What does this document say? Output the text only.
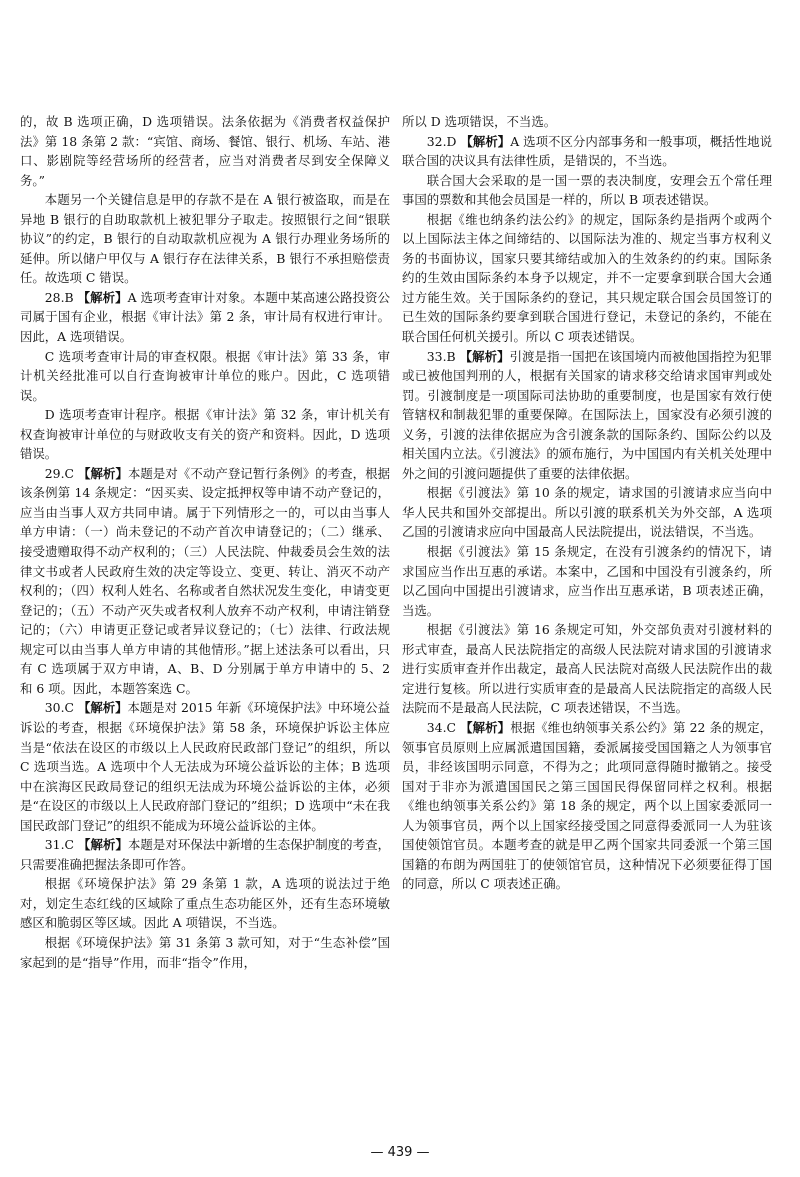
的，故 B 选项正确，D 选项错误。法条依据为《消费者权益保护法》第 18 条第 2 款：“宾馆、商场、餐馆、银行、机场、车站、港口、影剧院等经营场所的经营者，应当对消费者尽到安全保障义务。”

本题另一个关键信息是甲的存款不是在 A 银行被盗取，而是在异地 B 银行的自助取款机上被犯罪分子取走。按照银行之间“银联协议”的约定，B 银行的自动取款机应视为 A 银行办理业务场所的延伸。所以储户甲仅与 A 银行存在法律关系，B 银行不承担赔偿责任。故选项 C 错误。

28.B 【解析】A 选项考查审计对象。本题中某高速公路投资公司属于国有企业，根据《审计法》第 2 条，审计局有权进行审计。因此，A 选项错误。

C 选项考查审计局的审查权限。根据《审计法》第 33 条，审计机关经批准可以自行查询被审计单位的账户。因此，C 选项错误。

D 选项考查审计程序。根据《审计法》第 32 条，审计机关有权查询被审计单位的与财政收支有关的资产和资料。因此，D 选项错误。

29.C 【解析】本题是对《不动产登记暂行条例》的考查，根据该条例第 14 条规定：“因买卖、设定抵押权等申请不动产登记的，应当由当事人双方共同申请。属于下列情形之一的，可以由当事人单方申请：（一）尚未登记的不动产首次申请登记的；（二）继承、接受遗赠取得不动产权利的；（三）人民法院、仲裁委员会生效的法律文书或者人民政府生效的决定等设立、变更、转让、消灭不动产权利的；（四）权利人姓名、名称或者自然状况发生变化，申请变更登记的；（五）不动产灭失或者权利人放弃不动产权利，申请注销登记的；（六）申请更正登记或者异议登记的；（七）法律、行政法规规定可以由当事人单方申请的其他情形。”据上述法条可以看出，只有 C 选项属于双方申请，A、B、D 分别属于单方申请中的 5、2 和 6 项。因此，本题答案选 C。

30.C 【解析】本题是对 2015 年新《环境保护法》中环境公益诉讼的考查，根据《环境保护法》第 58 条，环境保护诉讼主体应当是“依法在设区的市级以上人民政府民政部门登记”的组织，所以 C 选项当选。A 选项中个人无法成为环境公益诉讼的主体；B 选项中在滨海区民政局登记的组织无法成为环境公益诉讼的主体，必须是“在设区的市级以上人民政府部门登记的”组织；D 选项中“未在我国民政部门登记”的组织不能成为环境公益诉讼的主体。

31.C 【解析】本题是对环保法中新增的生态保护制度的考查，只需要准确把握法条即可作答。

根据《环境保护法》第 29 条第 1 款，A 选项的说法过于绝对，划定生态红线的区域除了重点生态功能区外，还有生态环境敏感区和脆弱区等区域。因此 A 项错误，不当选。

根据《环境保护法》第 31 条第 3 款可知，对于“生态补偿”国家起到的是“指导”作用，而非“指令”作用，

所以 D 选项错误，不当选。

32.D 【解析】A 选项不区分内部事务和一般事项，概括性地说联合国的决议具有法律性质，是错误的，不当选。

联合国大会采取的是一国一票的表决制度，安理会五个常任理事国的票数和其他会员国是一样的，所以 B 项表述错误。

根据《维也纳条约法公约》的规定，国际条约是指两个或两个以上国际法主体之间缔结的、以国际法为准的、规定当事方权利义务的书面协议，国家只要其缔结或加入的生效条约的约束。国际条约的生效由国际条约本身予以规定，并不一定要拿到联合国大会通过方能生效。关于国际条约的登记，其只规定联合国会员国签订的已生效的国际条约要拿到联合国进行登记，未登记的条约，不能在联合国任何机关援引。所以 C 项表述错误。

33.B 【解析】引渡是指一国把在该国境内而被他国指控为犯罪或已被他国判刑的人，根据有关国家的请求移交给请求国审判或处罚。引渡制度是一项国际司法协助的重要制度，也是国家有效行使管辖权和制裁犯罪的重要保障。在国际法上，国家没有必须引渡的义务，引渡的法律依据应为含引渡条款的国际条约、国际公约以及相关国内立法。《引渡法》的颁布施行，为中国国内有关机关处理中外之间的引渡问题提供了重要的法律依据。

根据《引渡法》第 10 条的规定，请求国的引渡请求应当向中华人民共和国外交部提出。所以引渡的联系机关为外交部，A 选项乙国的引渡请求应向中国最高人民法院提出，说法错误，不当选。

根据《引渡法》第 15 条规定，在没有引渡条约的情况下，请求国应当作出互惠的承诺。本案中，乙国和中国没有引渡条约，所以乙国向中国提出引渡请求，应当作出互惠承诺，B 项表述正确，当选。

根据《引渡法》第 16 条规定可知，外交部负责对引渡材料的形式审查，最高人民法院指定的高级人民法院对请求国的引渡请求进行实质审查并作出裁定，最高人民法院对高级人民法院作出的裁定进行复核。所以进行实质审查的是最高人民法院指定的高级人民法院而不是最高人民法院，C 项表述错误，不当选。

34.C 【解析】根据《维也纳领事关系公约》第 22 条的规定，领事官员原则上应属派遣国国籍，委派属接受国国籍之人为领事官员，非经该国明示同意，不得为之；此项同意得随时撤销之。接受国对于非亦为派遣国国民之第三国国民得保留同样之权利。根据《维也纳领事关系公约》第 18 条的规定，两个以上国家委派同一人为领事官员，两个以上国家经接受国之同意得委派同一人为驻该国使领馆官员。本题考查的就是甲乙两个国家共同委派一个第三国国籍的布朗为两国驻丁的使领馆官员，这种情况下必须要征得丁国的同意，所以 C 项表述正确。

— 439 —
